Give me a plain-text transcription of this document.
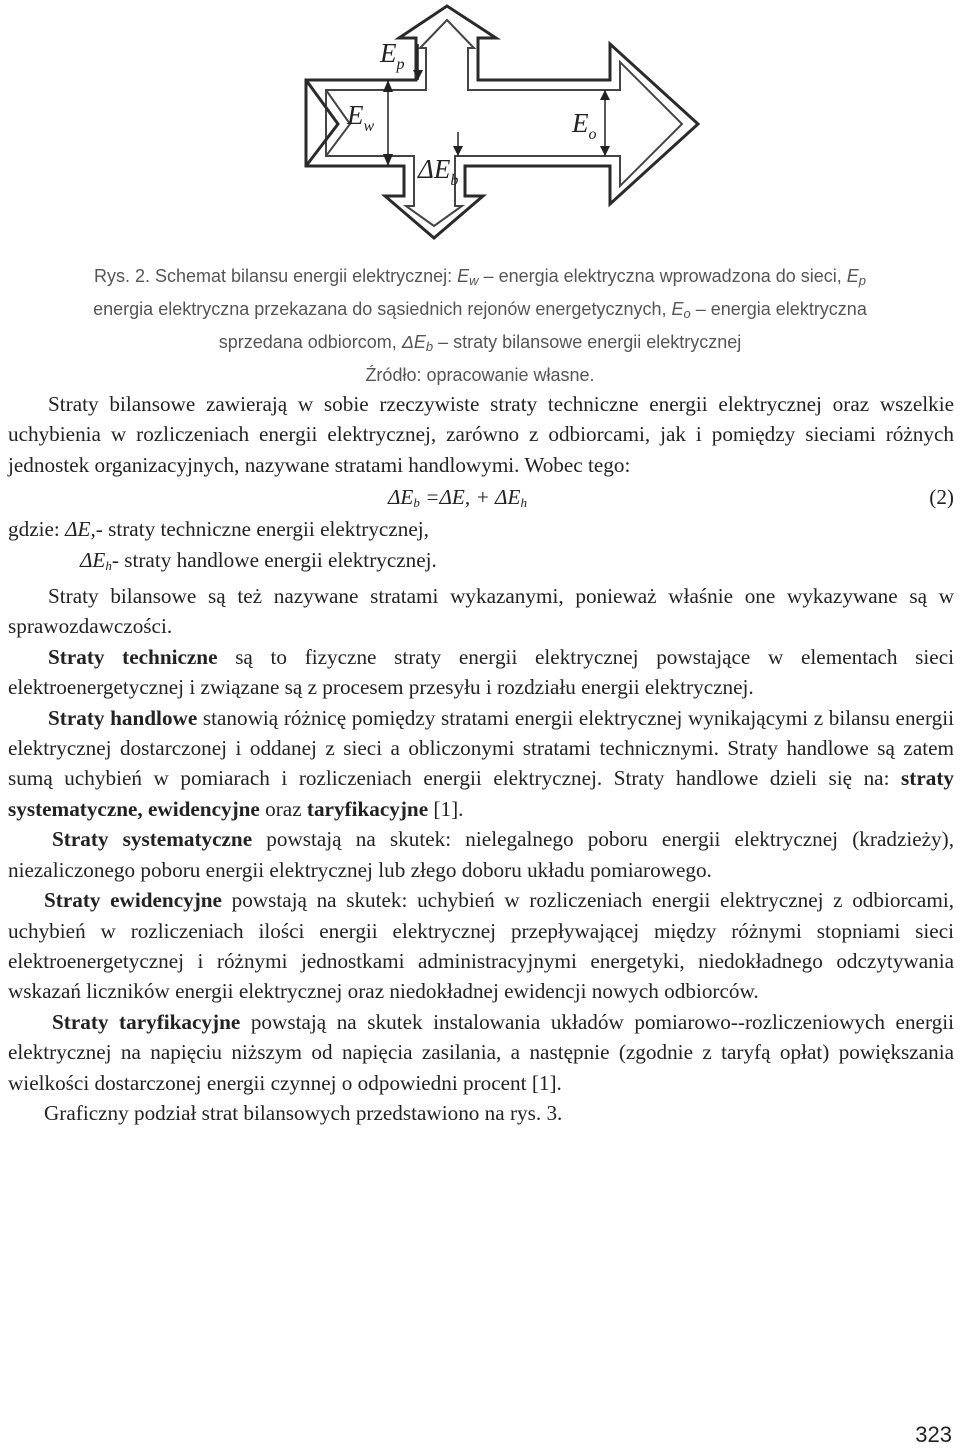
$E_p$
$E_w$	$E_o$
$\Delta E_b$
Rys. 2. Schemat bilansu energii elektrycznej: $E_w$ – energia elektryczna wprowadzona do sieci, $E_p$
energia elektryczna przekazana do sąsiednich rejonów energetycznych, $E_o$ – energia elektryczna
sprzedana odbiorcom, $\Delta E_b$ – straty bilansowe energii elektrycznej
Źródło: opracowanie własne.

Straty bilansowe zawierają w sobie rzeczywiste straty techniczne energii elektrycznej oraz wszelkie uchybienia w rozliczeniach energii elektrycznej, zarówno z odbiorcami, jak i pomiędzy sieciami różnych jednostek organizacyjnych, nazywane stratami handlowymi. Wobec tego:

$\Delta E_b =\Delta E$, + $\Delta E_h$	(2)

gdzie: ΔE,- straty techniczne energii elektrycznej,

$\Delta E_h-$ straty handlowe energii elektrycznej.

Straty bilansowe są też nazywane stratami wykazanymi, ponieważ właśnie one wykazywane są w sprawozdawczości.

Straty techniczne są to fizyczne straty energii elektrycznej powstające w elementach sieci elektroenergetycznej i związane są z procesem przesyłu i rozdziału energii elektrycznej.

Straty handlowe stanowią różnicę pomiędzy stratami energii elektrycznej wynikającymi z bilansu energii elektrycznej dostarczonej i oddanej z sieci a obliczonymi stratami technicznymi. Straty handlowe są zatem sumą uchybień w pomiarach i rozliczeniach energii elektrycznej. Straty handlowe dzieli się na: straty systematyczne, ewidencyjne oraz taryfikacyjne [1].

Straty systematyczne powstają na skutek: nielegalnego poboru energii elektrycznej (kradzieży), niezaliczonego poboru energii elektrycznej lub złego doboru układu pomiarowego.

Straty ewidencyjne powstają na skutek: uchybień w rozliczeniach energii elektrycznej z odbiorcami, uchybień w rozliczeniach ilości energii elektrycznej przepływającej między różnymi stopniami sieci elektroenergetycznej i różnymi jednostkami administracyjnymi energetyki, niedokładnego odczytywania wskazań liczników energii elektrycznej oraz niedokładnej ewidencji nowych odbiorców.

Straty taryfikacyjne powstają na skutek instalowania układów pomiarowo--rozliczeniowych energii elektrycznej na napięciu niższym od napięcia zasilania, a następnie (zgodnie z taryfą opłat) powiększania wielkości dostarczonej energii czynnej o odpowiedni procent [1].

Graficzny podział strat bilansowych przedstawiono na rys. 3.

323
